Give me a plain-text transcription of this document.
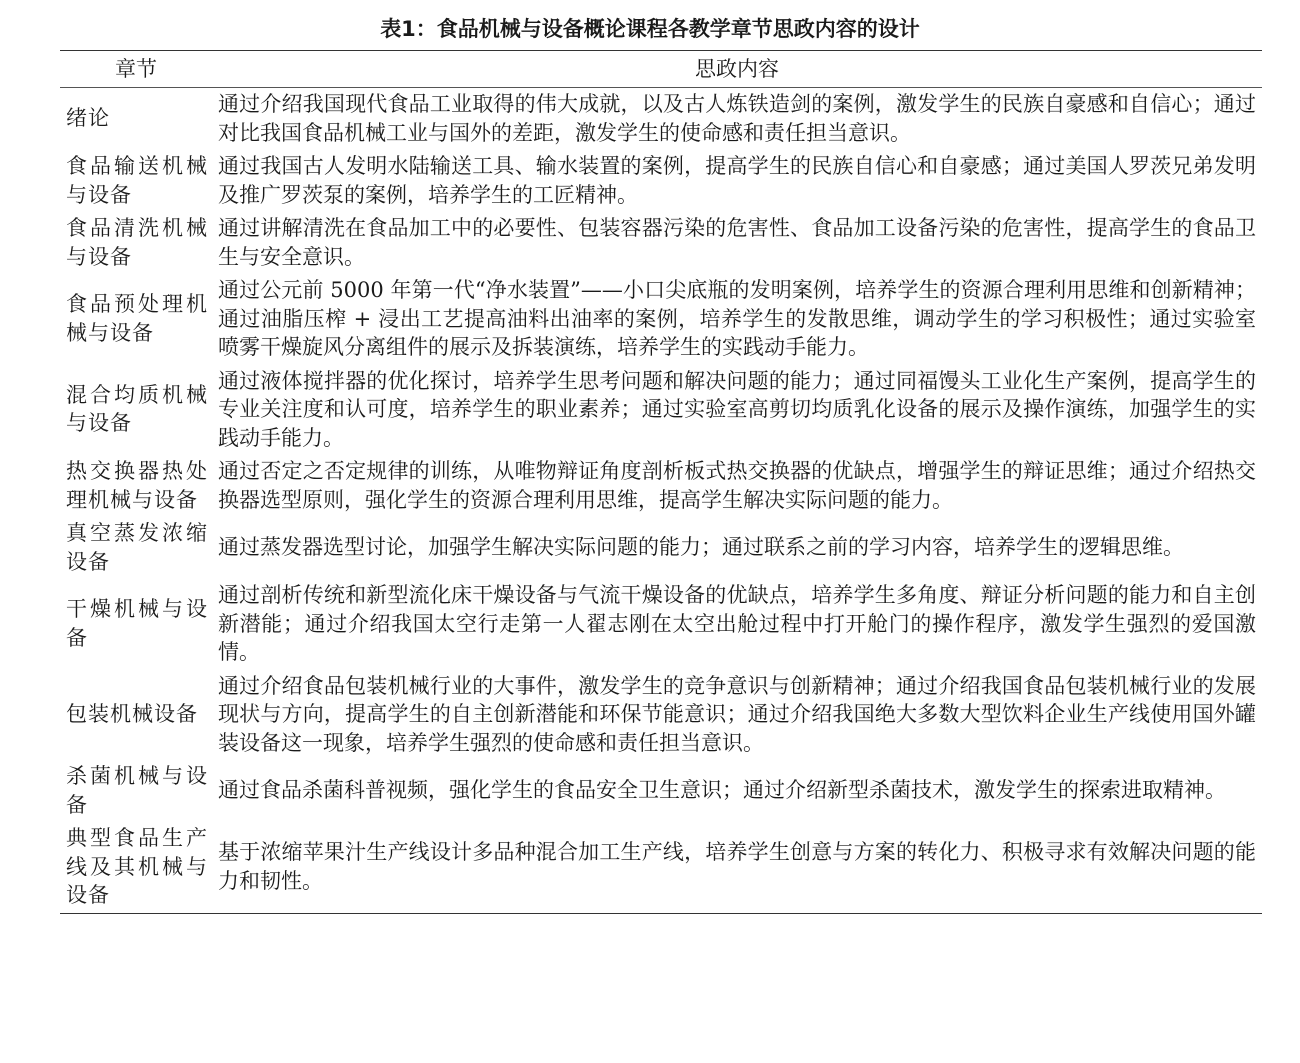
表1：食品机械与设备概论课程各教学章节思政内容的设计
章节	思政内容
绪论	通过介绍我国现代食品工业取得的伟大成就，以及古人炼铁造剑的案例，激发学生的民族自豪感和自信心；通过对比我国食品机械工业与国外的差距，激发学生的使命感和责任担当意识。
食品输送机械与设备	通过我国古人发明水陆输送工具、输水装置的案例，提高学生的民族自信心和自豪感；通过美国人罗茨兄弟发明及推广罗茨泵的案例，培养学生的工匠精神。
食品清洗机械与设备	通过讲解清洗在食品加工中的必要性、包装容器污染的危害性、食品加工设备污染的危害性，提高学生的食品卫生与安全意识。
食品预处理机械与设备	通过公元前 5000 年第一代“净水装置”——小口尖底瓶的发明案例，培养学生的资源合理利用思维和创新精神；通过油脂压榨 + 浸出工艺提高油料出油率的案例，培养学生的发散思维，调动学生的学习积极性；通过实验室喷雾干燥旋风分离组件的展示及拆装演练，培养学生的实践动手能力。
混合均质机械与设备	通过液体搅拌器的优化探讨，培养学生思考问题和解决问题的能力；通过同福馒头工业化生产案例，提高学生的专业关注度和认可度，培养学生的职业素养；通过实验室高剪切均质乳化设备的展示及操作演练，加强学生的实践动手能力。
热交换器热处理机械与设备	通过否定之否定规律的训练，从唯物辩证角度剖析板式热交换器的优缺点，增强学生的辩证思维；通过介绍热交换器选型原则，强化学生的资源合理利用思维，提高学生解决实际问题的能力。
真空蒸发浓缩设备	通过蒸发器选型讨论，加强学生解决实际问题的能力；通过联系之前的学习内容，培养学生的逻辑思维。
干燥机械与设备	通过剖析传统和新型流化床干燥设备与气流干燥设备的优缺点，培养学生多角度、辩证分析问题的能力和自主创新潜能；通过介绍我国太空行走第一人翟志刚在太空出舱过程中打开舱门的操作程序，激发学生强烈的爱国激情。
包装机械设备	通过介绍食品包装机械行业的大事件，激发学生的竞争意识与创新精神；通过介绍我国食品包装机械行业的发展现状与方向，提高学生的自主创新潜能和环保节能意识；通过介绍我国绝大多数大型饮料企业生产线使用国外罐装设备这一现象，培养学生强烈的使命感和责任担当意识。
杀菌机械与设备	通过食品杀菌科普视频，强化学生的食品安全卫生意识；通过介绍新型杀菌技术，激发学生的探索进取精神。
典型食品生产线及其机械与设备	基于浓缩苹果汁生产线设计多品种混合加工生产线，培养学生创意与方案的转化力、积极寻求有效解决问题的能力和韧性。
